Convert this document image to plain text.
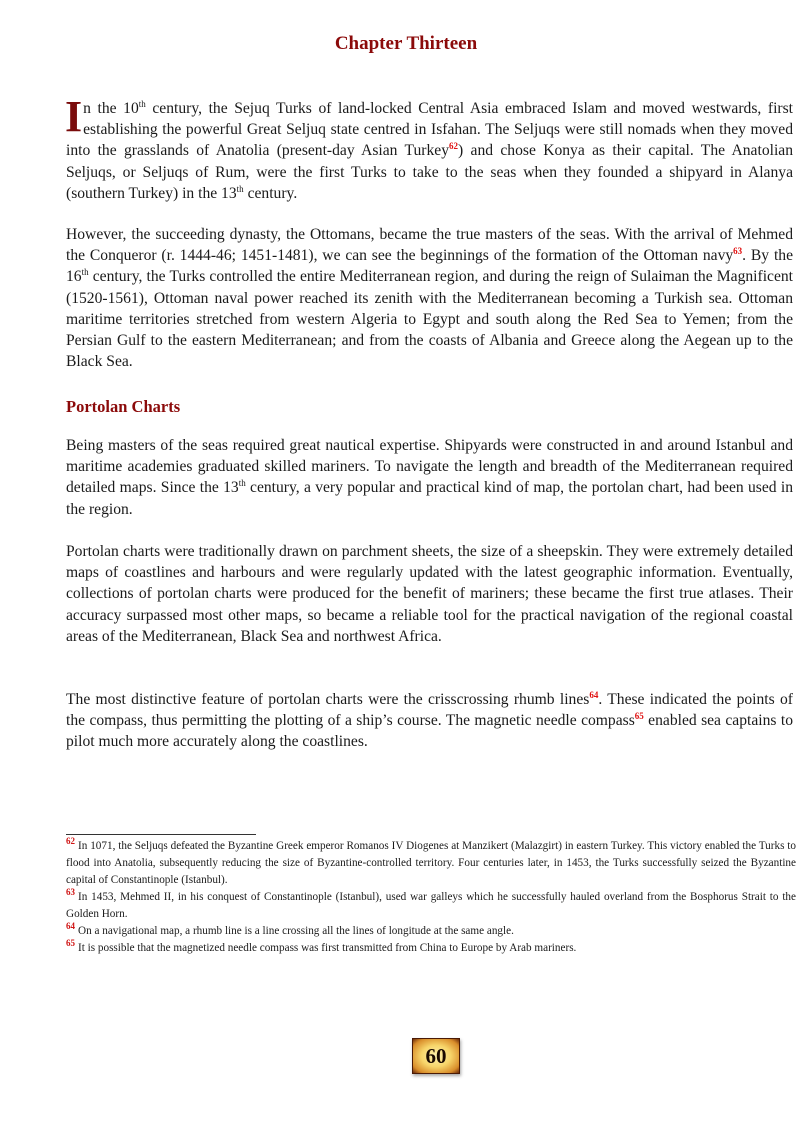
Chapter Thirteen

In the 10th century, the Sejuq Turks of land-locked Central Asia embraced Islam and moved westwards, first establishing the powerful Great Seljuq state centred in Isfahan. The Seljuqs were still nomads when they moved into the grasslands of Anatolia (present-day Asian Turkey$^{62}$) and chose Konya as their capital. The Anatolian Seljuqs, or Seljuqs of Rum, were the first Turks to take to the seas when they founded a shipyard in Alanya (southern Turkey) in the 13th century.

However, the succeeding dynasty, the Ottomans, became the true masters of the seas. With the arrival of Mehmed the Conqueror (r. 1444-46; 1451-1481), we can see the beginnings of the formation of the Ottoman navy$^{63}$. By the 16th century, the Turks controlled the entire Mediterranean region, and during the reign of Sulaiman the Magnificent (1520-1561), Ottoman naval power reached its zenith with the Mediterranean becoming a Turkish sea. Ottoman maritime territories stretched from western Algeria to Egypt and south along the Red Sea to Yemen; from the Persian Gulf to the eastern Mediterranean; and from the coasts of Albania and Greece along the Aegean up to the Black Sea.

Portolan Charts

Being masters of the seas required great nautical expertise. Shipyards were constructed in and around Istanbul and maritime academies graduated skilled mariners. To navigate the length and breadth of the Mediterranean required detailed maps. Since the 13th century, a very popular and practical kind of map, the portolan chart, had been used in the region.

Portolan charts were traditionally drawn on parchment sheets, the size of a sheepskin. They were extremely detailed maps of coastlines and harbours and were regularly updated with the latest geographic information. Eventually, collections of portolan charts were produced for the benefit of mariners; these became the first true atlases. Their accuracy surpassed most other maps, so became a reliable tool for the practical navigation of the regional coastal areas of the Mediterranean, Black Sea and northwest Africa.

The most distinctive feature of portolan charts were the crisscrossing rhumb lines$^{64}$. These indicated the points of the compass, thus permitting the plotting of a ship’s course. The magnetic needle compass$^{65}$ enabled sea captains to pilot much more accurately along the coastlines.

$^{62}$ In 1071, the Seljuqs defeated the Byzantine Greek emperor Romanos IV Diogenes at Manzikert (Malazgirt) in eastern Turkey. This victory enabled the Turks to flood into Anatolia, subsequently reducing the size of Byzantine-controlled territory. Four centuries later, in 1453, the Turks successfully seized the Byzantine capital of Constantinople (Istanbul).

$^{63}$ In 1453, Mehmed II, in his conquest of Constantinople (Istanbul), used war galleys which he successfully hauled overland from the Bosphorus Strait to the Golden Horn.

$^{64}$ On a navigational map, a rhumb line is a line crossing all the lines of longitude at the same angle.

$^{65}$ It is possible that the magnetized needle compass was first transmitted from China to Europe by Arab mariners.

60
